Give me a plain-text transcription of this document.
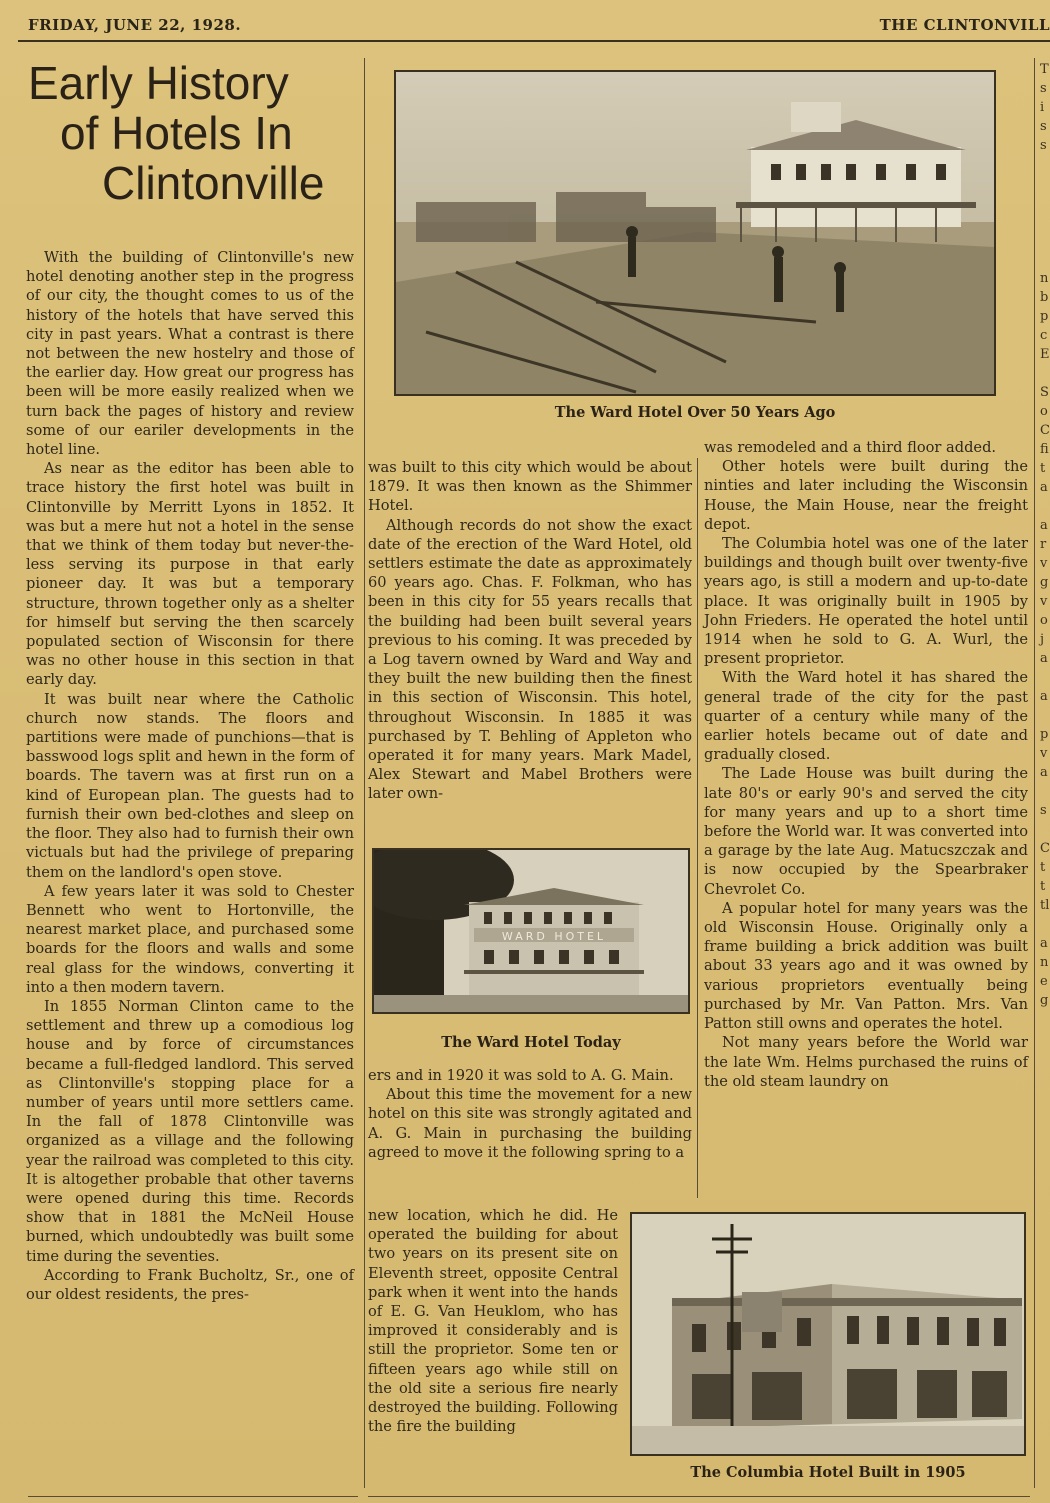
FRIDAY, JUNE 22, 1928.	THE CLINTONVILL
Early History
of Hotels In
Clintonville

With the building of Clintonville's new hotel denoting another step in the progress of our city, the thought comes to us of the history of the hotels that have served this city in past years. What a contrast is there not between the new hostelry and those of the earlier day. How great our progress has been will be more easily realized when we turn back the pages of history and review some of our eariler developments in the hotel line.

As near as the editor has been able to trace history the first hotel was built in Clintonville by Merritt Lyons in 1852. It was but a mere hut not a hotel in the sense that we think of them today but never-the-less serving its purpose in that early pioneer day. It was but a temporary structure, thrown together only as a shelter for himself but serving the then scarcely populated section of Wisconsin for there was no other house in this section in that early day.

It was built near where the Catholic church now stands. The floors and partitions were made of punchions—that is basswood logs split and hewn in the form of boards. The tavern was at first run on a kind of European plan. The guests had to furnish their own bed-clothes and sleep on the floor. They also had to furnish their own victuals but had the privilege of preparing them on the landlord's open stove.

A few years later it was sold to Chester Bennett who went to Hortonville, the nearest market place, and purchased some boards for the floors and walls and some real glass for the windows, converting it into a then modern tavern.

In 1855 Norman Clinton came to the settlement and threw up a comodious log house and by force of circumstances became a full-fledged landlord. This served as Clintonville's stopping place for a number of years until more settlers came. In the fall of 1878 Clintonville was organized as a village and the following year the railroad was completed to this city. It is altogether probable that other taverns were opened during this time. Records show that in 1881 the McNeil House burned, which undoubtedly was built some time during the seventies.

According to Frank Bucholtz, Sr., one of our oldest residents, the pres-

The Ward Hotel Over 50 Years Ago

was built to this city which would be about 1879. It was then known as the Shimmer Hotel.

Although records do not show the exact date of the erection of the Ward Hotel, old settlers estimate the date as approximately 60 years ago. Chas. F. Folkman, who has been in this city for 55 years recalls that the building had been built several years previous to his coming. It was preceded by a Log tavern owned by Ward and Way and they built the new building then the finest in this section of Wisconsin. This hotel, throughout Wisconsin. In 1885 it was purchased by T. Behling of Appleton who operated it for many years. Mark Madel, Alex Stewart and Mabel Brothers were later own-

WARD HOTEL
The Ward Hotel Today

ers and in 1920 it was sold to A. G. Main.

About this time the movement for a new hotel on this site was strongly agitated and A. G. Main in purchasing the building agreed to move it the following spring to a

new location, which he did. He operated the building for about two years on its present site on Eleventh street, opposite Central park when it went into the hands of E. G. Van Heuklom, who has improved it considerably and is still the proprietor. Some ten or fifteen years ago while still on the old site a serious fire nearly destroyed the building. Following the fire the building

was remodeled and a third floor added.

Other hotels were built during the ninties and later including the Wisconsin House, the Main House, near the freight depot.

The Columbia hotel was one of the later buildings and though built over twenty-five years ago, is still a modern and up-to-date place. It was originally built in 1905 by John Frieders. He operated the hotel until 1914 when he sold to G. A. Wurl, the present proprietor.

With the Ward hotel it has shared the general trade of the city for the past quarter of a century while many of the earlier hotels became out of date and gradually closed.

The Lade House was built during the late 80's or early 90's and served the city for many years and up to a short time before the World war. It was converted into a garage by the late Aug. Matucszczak and is now occupied by the Spearbraker Chevrolet Co.

A popular hotel for many years was the old Wisconsin House. Originally only a frame building a brick addition was built about 33 years ago and it was owned by various proprietors eventually being purchased by Mr. Van Patton. Mrs. Van Patton still owns and operates the hotel.

Not many years before the World war the late Wm. Helms purchased the ruins of the old steam laundry on

The Columbia Hotel Built in 1905
T
s
i
s
s

n
b
p
c
E

S
o
C
fi
t
a

a
r
v
g
v
o
j
a

a

p
v
a

s

C
t
t
tl

a
n
e
g
